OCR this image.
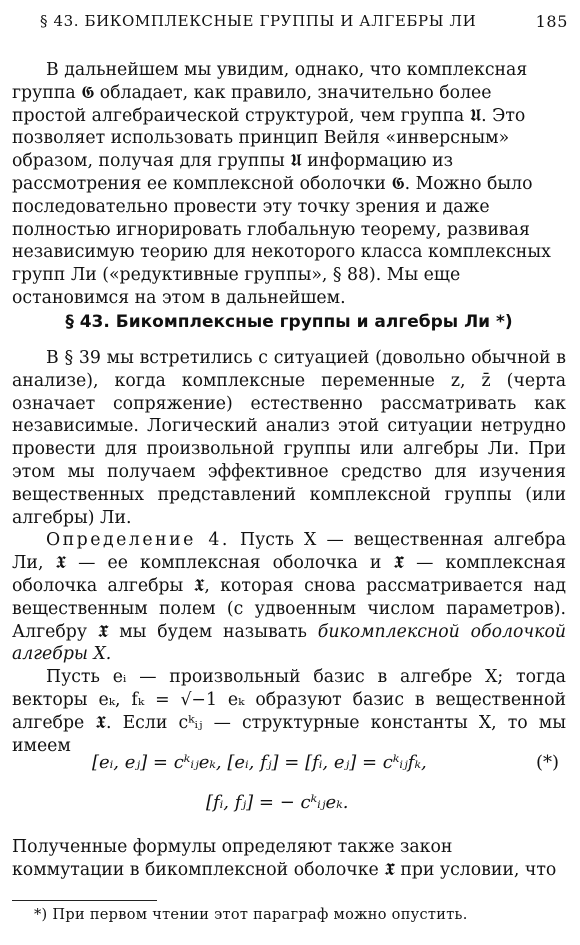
§ 43. БИКОМПЛЕКСНЫЕ ГРУППЫ И АЛГЕБРЫ ЛИ	185

В дальнейшем мы увидим, однако, что комплексная группа 𝕲 обладает, как правило, значительно более простой алгебраической структурой, чем группа 𝖀. Это позволяет использовать принцип Вейля «инверсным» образом, получая для группы 𝖀 информацию из рассмотрения ее комплексной оболочки 𝕲. Можно было последовательно провести эту точку зрения и даже полностью игнорировать глобальную теорему, развивая независимую теорию для некоторого класса комплексных групп Ли («редуктивные группы», § 88). Мы еще остановимся на этом в дальнейшем.

§ 43. Бикомплексные группы и алгебры Ли *)

В § 39 мы встретились с ситуацией (довольно обычной в анализе), когда комплексные переменные z, z̄ (черта означает сопряжение) естественно рассматривать как независимые. Логический анализ этой ситуации нетрудно провести для произвольной группы или алгебры Ли. При этом мы получаем эффективное средство для изучения вещественных представлений комплексной группы (или алгебры) Ли.

Определение 4. Пусть X — вещественная алгебра Ли, 𝖃 — ее комплексная оболочка и 𝖃̃ — комплексная оболочка алгебры 𝖃, которая снова рассматривается над вещественным полем (с удвоенным числом параметров). Алгебру 𝖃̃ мы будем называть бикомплексной оболочкой алгебры X.

Пусть eᵢ — произвольный базис в алгебре X; тогда векторы eₖ, fₖ = √−1 eₖ образуют базис в вещественной алгебре 𝖃. Если cᵏᵢⱼ — структурные константы X, то мы имеем

[eᵢ, eⱼ] = cᵏᵢⱼeₖ, [eᵢ, fⱼ] = [fᵢ, eⱼ] = cᵏᵢⱼfₖ,	(*)
[fᵢ, fⱼ] = − cᵏᵢⱼeₖ.

Полученные формулы определяют также закон коммутации в бикомплексной оболочке 𝖃̃ при условии, что

*) При первом чтении этот параграф можно опустить.
